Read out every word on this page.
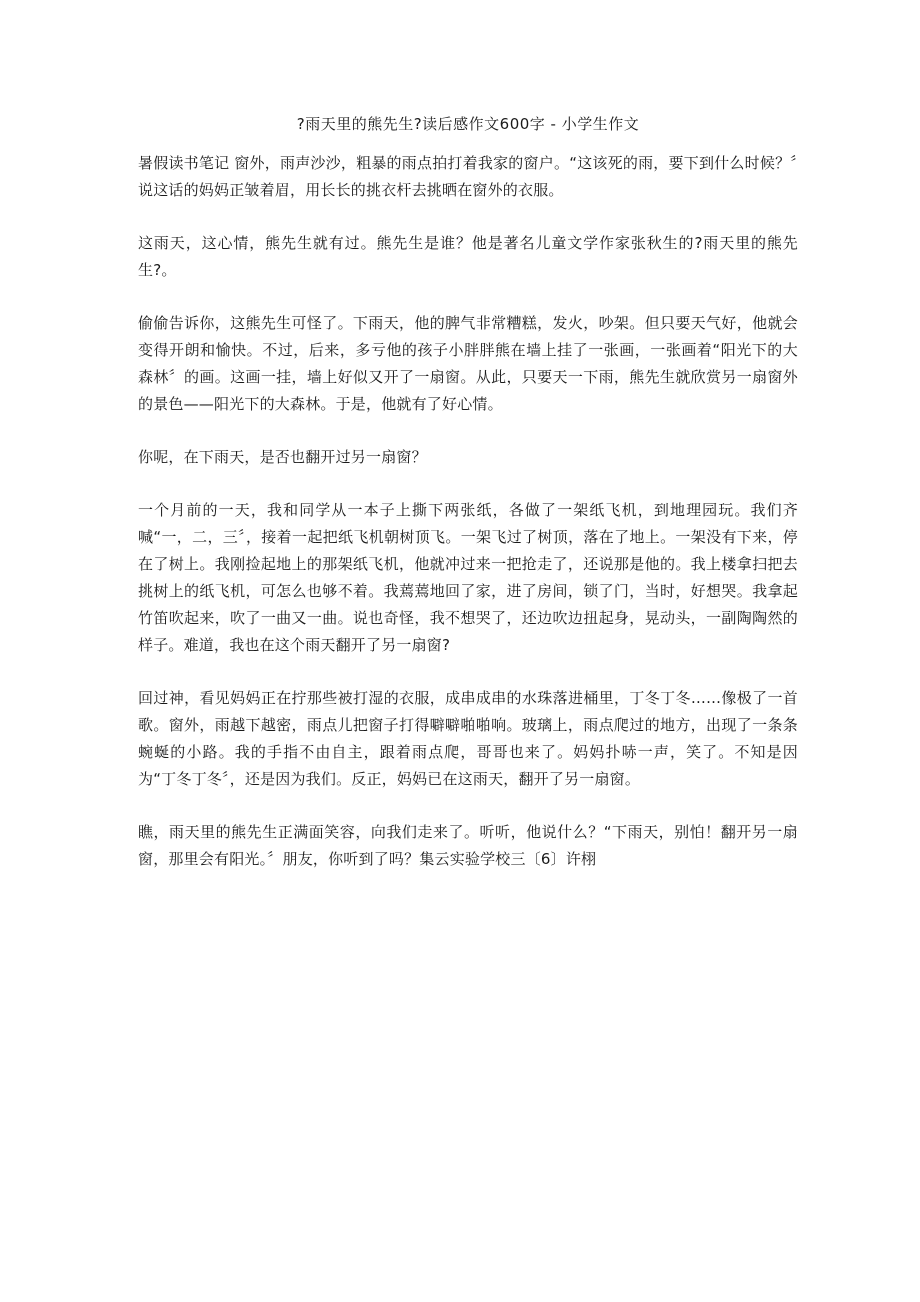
?雨天里的熊先生?读后感作文600字 - 小学生作文

暑假读书笔记 窗外，雨声沙沙，粗暴的雨点拍打着我家的窗户。“这该死的雨，要下到什么时候？〞说这话的妈妈正皱着眉，用长长的挑衣杆去挑晒在窗外的衣服。

这雨天，这心情，熊先生就有过。熊先生是谁？他是著名儿童文学作家张秋生的?雨天里的熊先生?。

偷偷告诉你，这熊先生可怪了。下雨天，他的脾气非常糟糕，发火，吵架。但只要天气好，他就会变得开朗和愉快。不过，后来，多亏他的孩子小胖胖熊在墙上挂了一张画，一张画着“阳光下的大森林〞的画。这画一挂，墙上好似又开了一扇窗。从此，只要天一下雨，熊先生就欣赏另一扇窗外的景色——阳光下的大森林。于是，他就有了好心情。

你呢，在下雨天，是否也翻开过另一扇窗？

一个月前的一天，我和同学从一本子上撕下两张纸，各做了一架纸飞机，到地理园玩。我们齐喊“一，二，三〞，接着一起把纸飞机朝树顶飞。一架飞过了树顶，落在了地上。一架没有下来，停在了树上。我刚捡起地上的那架纸飞机，他就冲过来一把抢走了，还说那是他的。我上楼拿扫把去挑树上的纸飞机，可怎么也够不着。我蔫蔫地回了家，进了房间，锁了门，当时，好想哭。我拿起竹笛吹起来，吹了一曲又一曲。说也奇怪，我不想哭了，还边吹边扭起身，晃动头，一副陶陶然的样子。难道，我也在这个雨天翻开了另一扇窗?

回过神，看见妈妈正在拧那些被打湿的衣服，成串成串的水珠落进桶里，丁冬丁冬……像极了一首歌。窗外，雨越下越密，雨点儿把窗子打得噼噼啪啪响。玻璃上，雨点爬过的地方，出现了一条条蜿蜒的小路。我的手指不由自主，跟着雨点爬，哥哥也来了。妈妈扑哧一声，笑了。不知是因为“丁冬丁冬〞，还是因为我们。反正，妈妈已在这雨天，翻开了另一扇窗。

瞧，雨天里的熊先生正满面笑容，向我们走来了。听听，他说什么？“下雨天，别怕！翻开另一扇窗，那里会有阳光。〞朋友，你听到了吗？集云实验学校三〔6〕许栩
